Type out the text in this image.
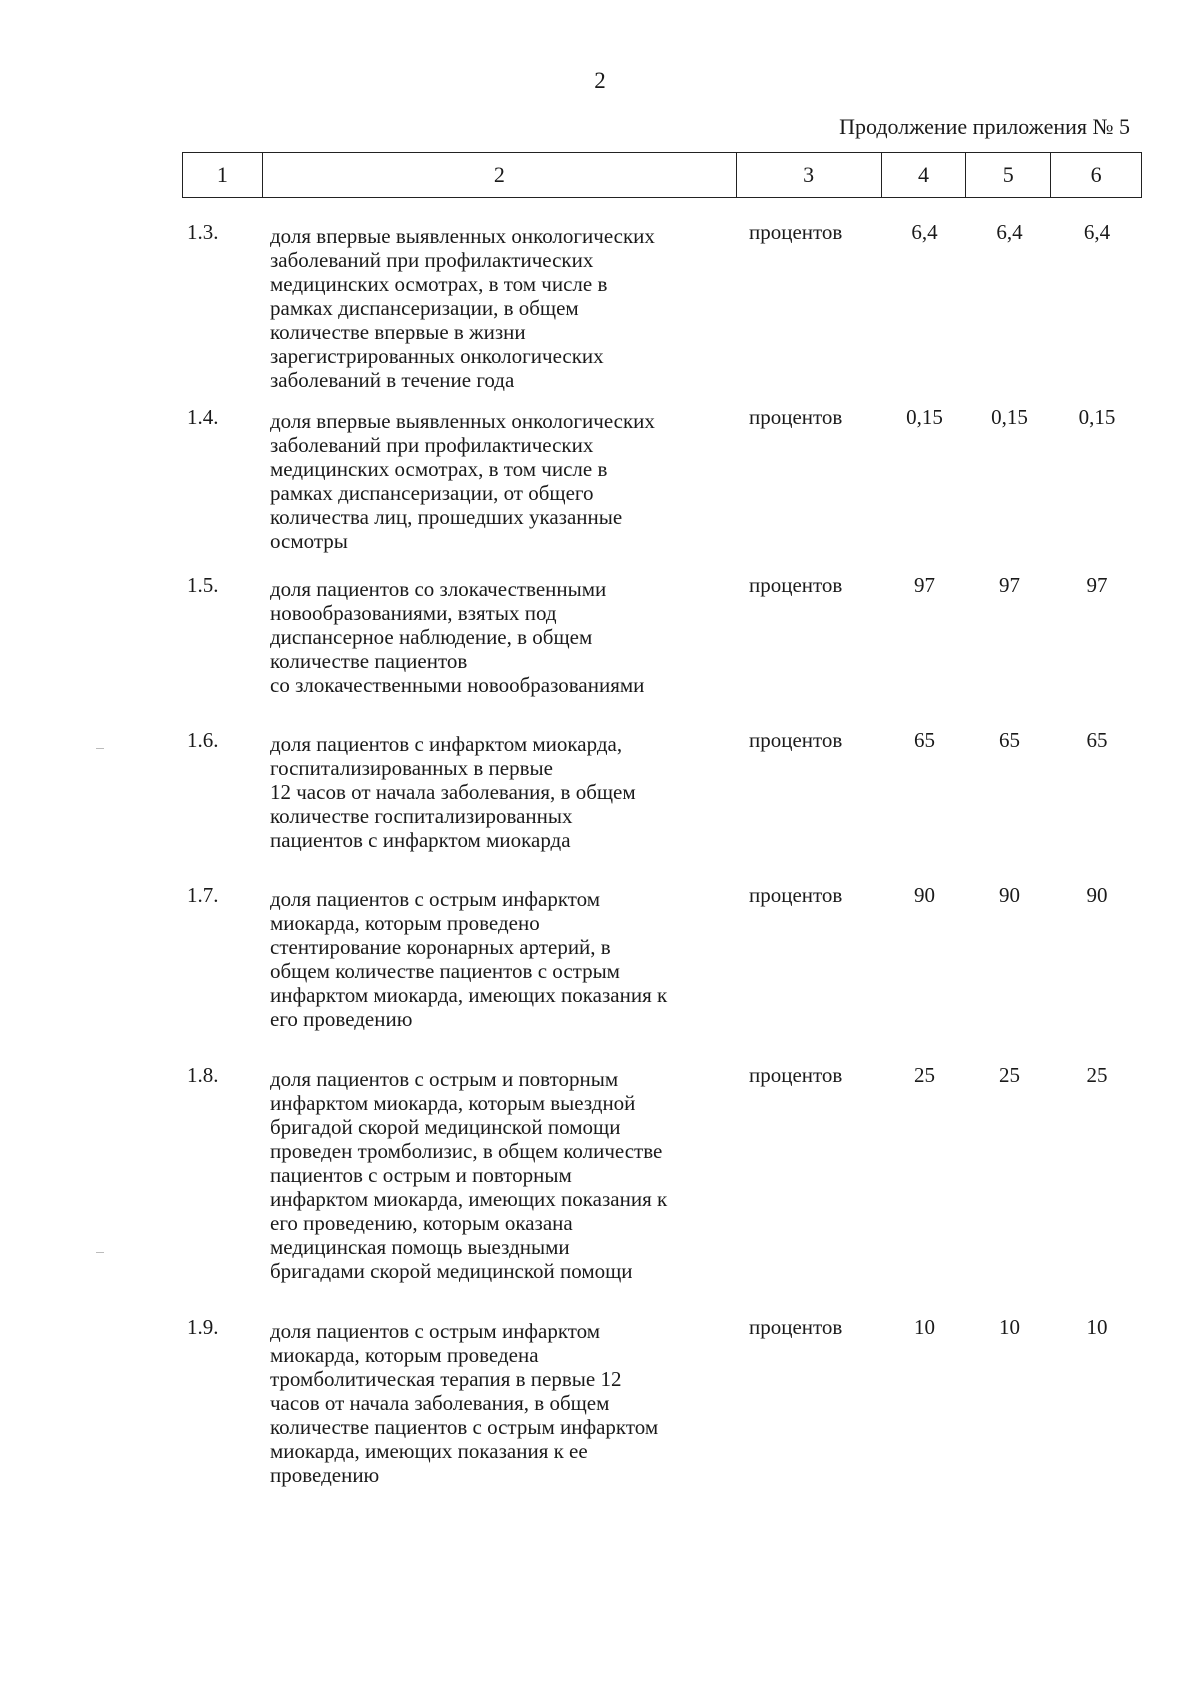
2
Продолжение приложения № 5
1	2	3	4	5	6
1.3.	доля впервые выявленных онкологических
заболеваний при профилактических
медицинских осмотрах, в том числе в
рамках диспансеризации, в общем
количестве впервые в жизни
зарегистрированных онкологических
заболеваний в течение года
процентов	6,4	6,4	6,4
1.4.	доля впервые выявленных онкологических
заболеваний при профилактических
медицинских осмотрах, в том числе в
рамках диспансеризации, от общего
количества лиц, прошедших указанные
осмотры
процентов	0,15	0,15	0,15
1.5.	доля пациентов со злокачественными
новообразованиями, взятых под
диспансерное наблюдение, в общем
количестве пациентов
со злокачественными новообразованиями
процентов	97	97	97
1.6.	доля пациентов с инфарктом миокарда,
госпитализированных в первые
12 часов от начала заболевания, в общем
количестве госпитализированных
пациентов с инфарктом миокарда
процентов	65	65	65
1.7.	доля пациентов с острым инфарктом
миокарда, которым проведено
стентирование коронарных артерий, в
общем количестве пациентов с острым
инфарктом миокарда, имеющих показания к
его проведению
процентов	90	90	90
1.8.	доля пациентов с острым и повторным
инфарктом миокарда, которым выездной
бригадой скорой медицинской помощи
проведен тромболизис, в общем количестве
пациентов с острым и повторным
инфарктом миокарда, имеющих показания к
его проведению, которым оказана
медицинская помощь выездными
бригадами скорой медицинской помощи
процентов	25	25	25
1.9.	доля пациентов с острым инфарктом
миокарда, которым проведена
тромболитическая терапия в первые 12
часов от начала заболевания, в общем
количестве пациентов с острым инфарктом
миокарда, имеющих показания к ее
проведению
процентов	10	10	10
